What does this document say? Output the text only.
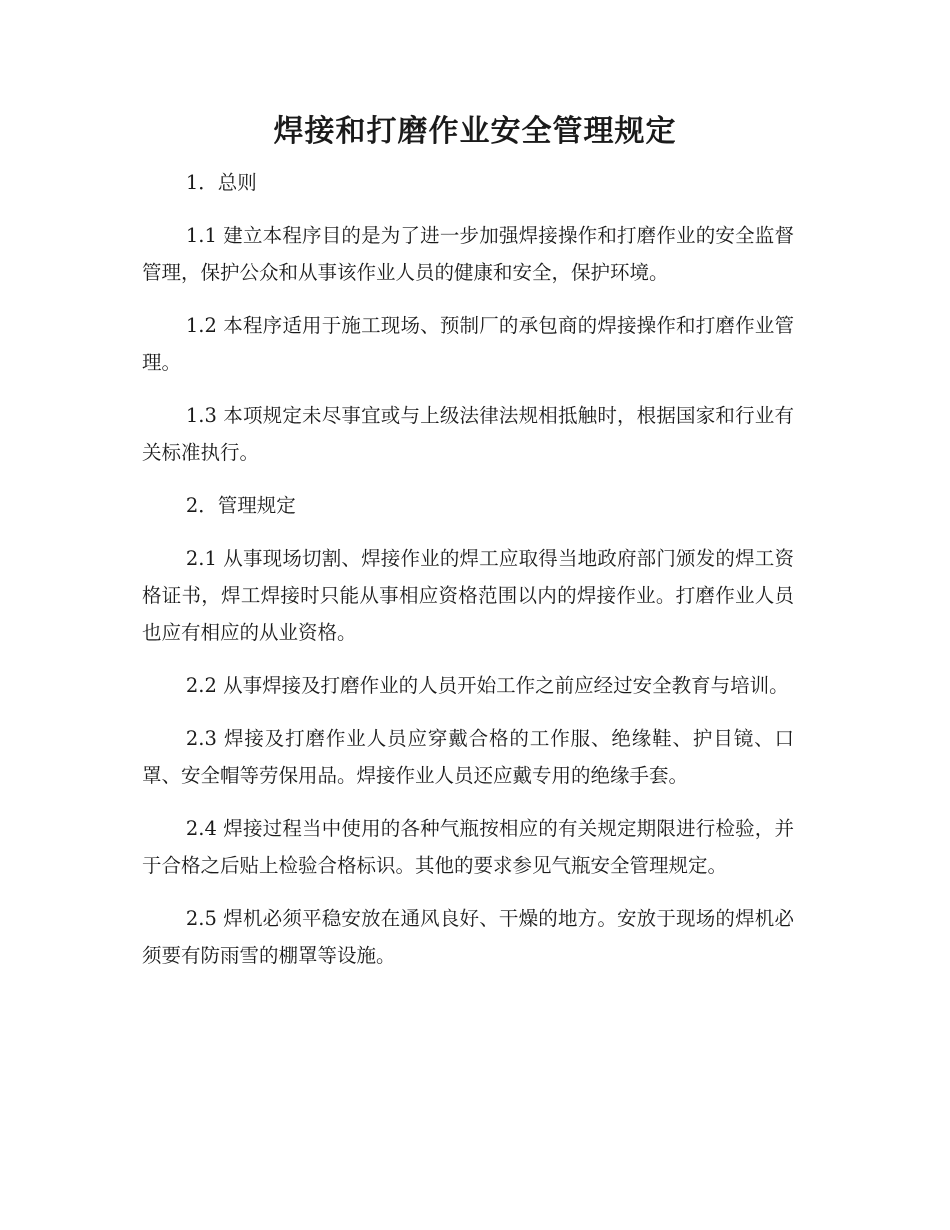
焊接和打磨作业安全管理规定

1．总则

1.1 建立本程序目的是为了进一步加强焊接操作和打磨作业的安全监督管理，保护公众和从事该作业人员的健康和安全，保护环境。

1.2 本程序适用于施工现场、预制厂的承包商的焊接操作和打磨作业管理。

1.3 本项规定未尽事宜或与上级法律法规相抵触时，根据国家和行业有关标准执行。

2．管理规定

2.1 从事现场切割、焊接作业的焊工应取得当地政府部门颁发的焊工资格证书，焊工焊接时只能从事相应资格范围以内的焊接作业。打磨作业人员也应有相应的从业资格。

2.2 从事焊接及打磨作业的人员开始工作之前应经过安全教育与培训。

2.3 焊接及打磨作业人员应穿戴合格的工作服、绝缘鞋、护目镜、口罩、安全帽等劳保用品。焊接作业人员还应戴专用的绝缘手套。

2.4 焊接过程当中使用的各种气瓶按相应的有关规定期限进行检验，并于合格之后贴上检验合格标识。其他的要求参见气瓶安全管理规定。

2.5 焊机必须平稳安放在通风良好、干燥的地方。安放于现场的焊机必须要有防雨雪的棚罩等设施。
